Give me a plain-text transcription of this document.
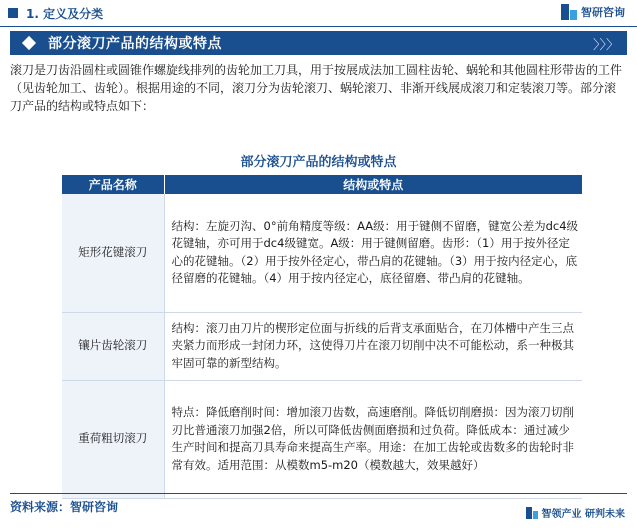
1. 定义及分类	智研咨询
部分滚刀产品的结构或特点	〉〉〉
滚刀是刀齿沿圆柱或圆锥作螺旋线排列的齿轮加工刀具，用于按展成法加工圆柱齿轮、蜗轮和其他圆柱形带齿的工件（见齿轮加工、齿轮）。根据用途的不同，滚刀分为齿轮滚刀、蜗轮滚刀、非渐开线展成滚刀和定装滚刀等。部分滚刀产品的结构或特点如下：
部分滚刀产品的结构或特点
产品名称	结构或特点
矩形花键滚刀	结构：左旋刃沟、0°前角精度等级：AA级：用于键侧不留磨，键宽公差为dc4级花键轴，亦可用于dc4级键宽。A级：用于键侧留磨。齿形：（1）用于按外径定心的花键轴。（2）用于按外径定心，带凸肩的花键轴。（3）用于按内径定心，底径留磨的花键轴。（4）用于按内径定心，底径留磨、带凸肩的花键轴。
镶片齿轮滚刀	结构：滚刀由刀片的楔形定位面与折线的后背支承面贴合，在刀体槽中产生三点夹紧力而形成一封闭力环，这使得刀片在滚刀切削中决不可能松动，系一种极其牢固可靠的新型结构。
重荷粗切滚刀	特点：降低磨削时间：增加滚刀齿数，高速磨削。降低切削磨损：因为滚刀切削刃比普通滚刀加强2倍，所以可降低齿侧面磨损和过负荷。降低成本：通过减少生产时间和提高刀具寿命来提高生产率。用途：在加工齿轮或齿数多的齿轮时非常有效。适用范围：从模数m5-m20（模数越大，效果越好）
资料来源：智研咨询
智领产业 研判未来
